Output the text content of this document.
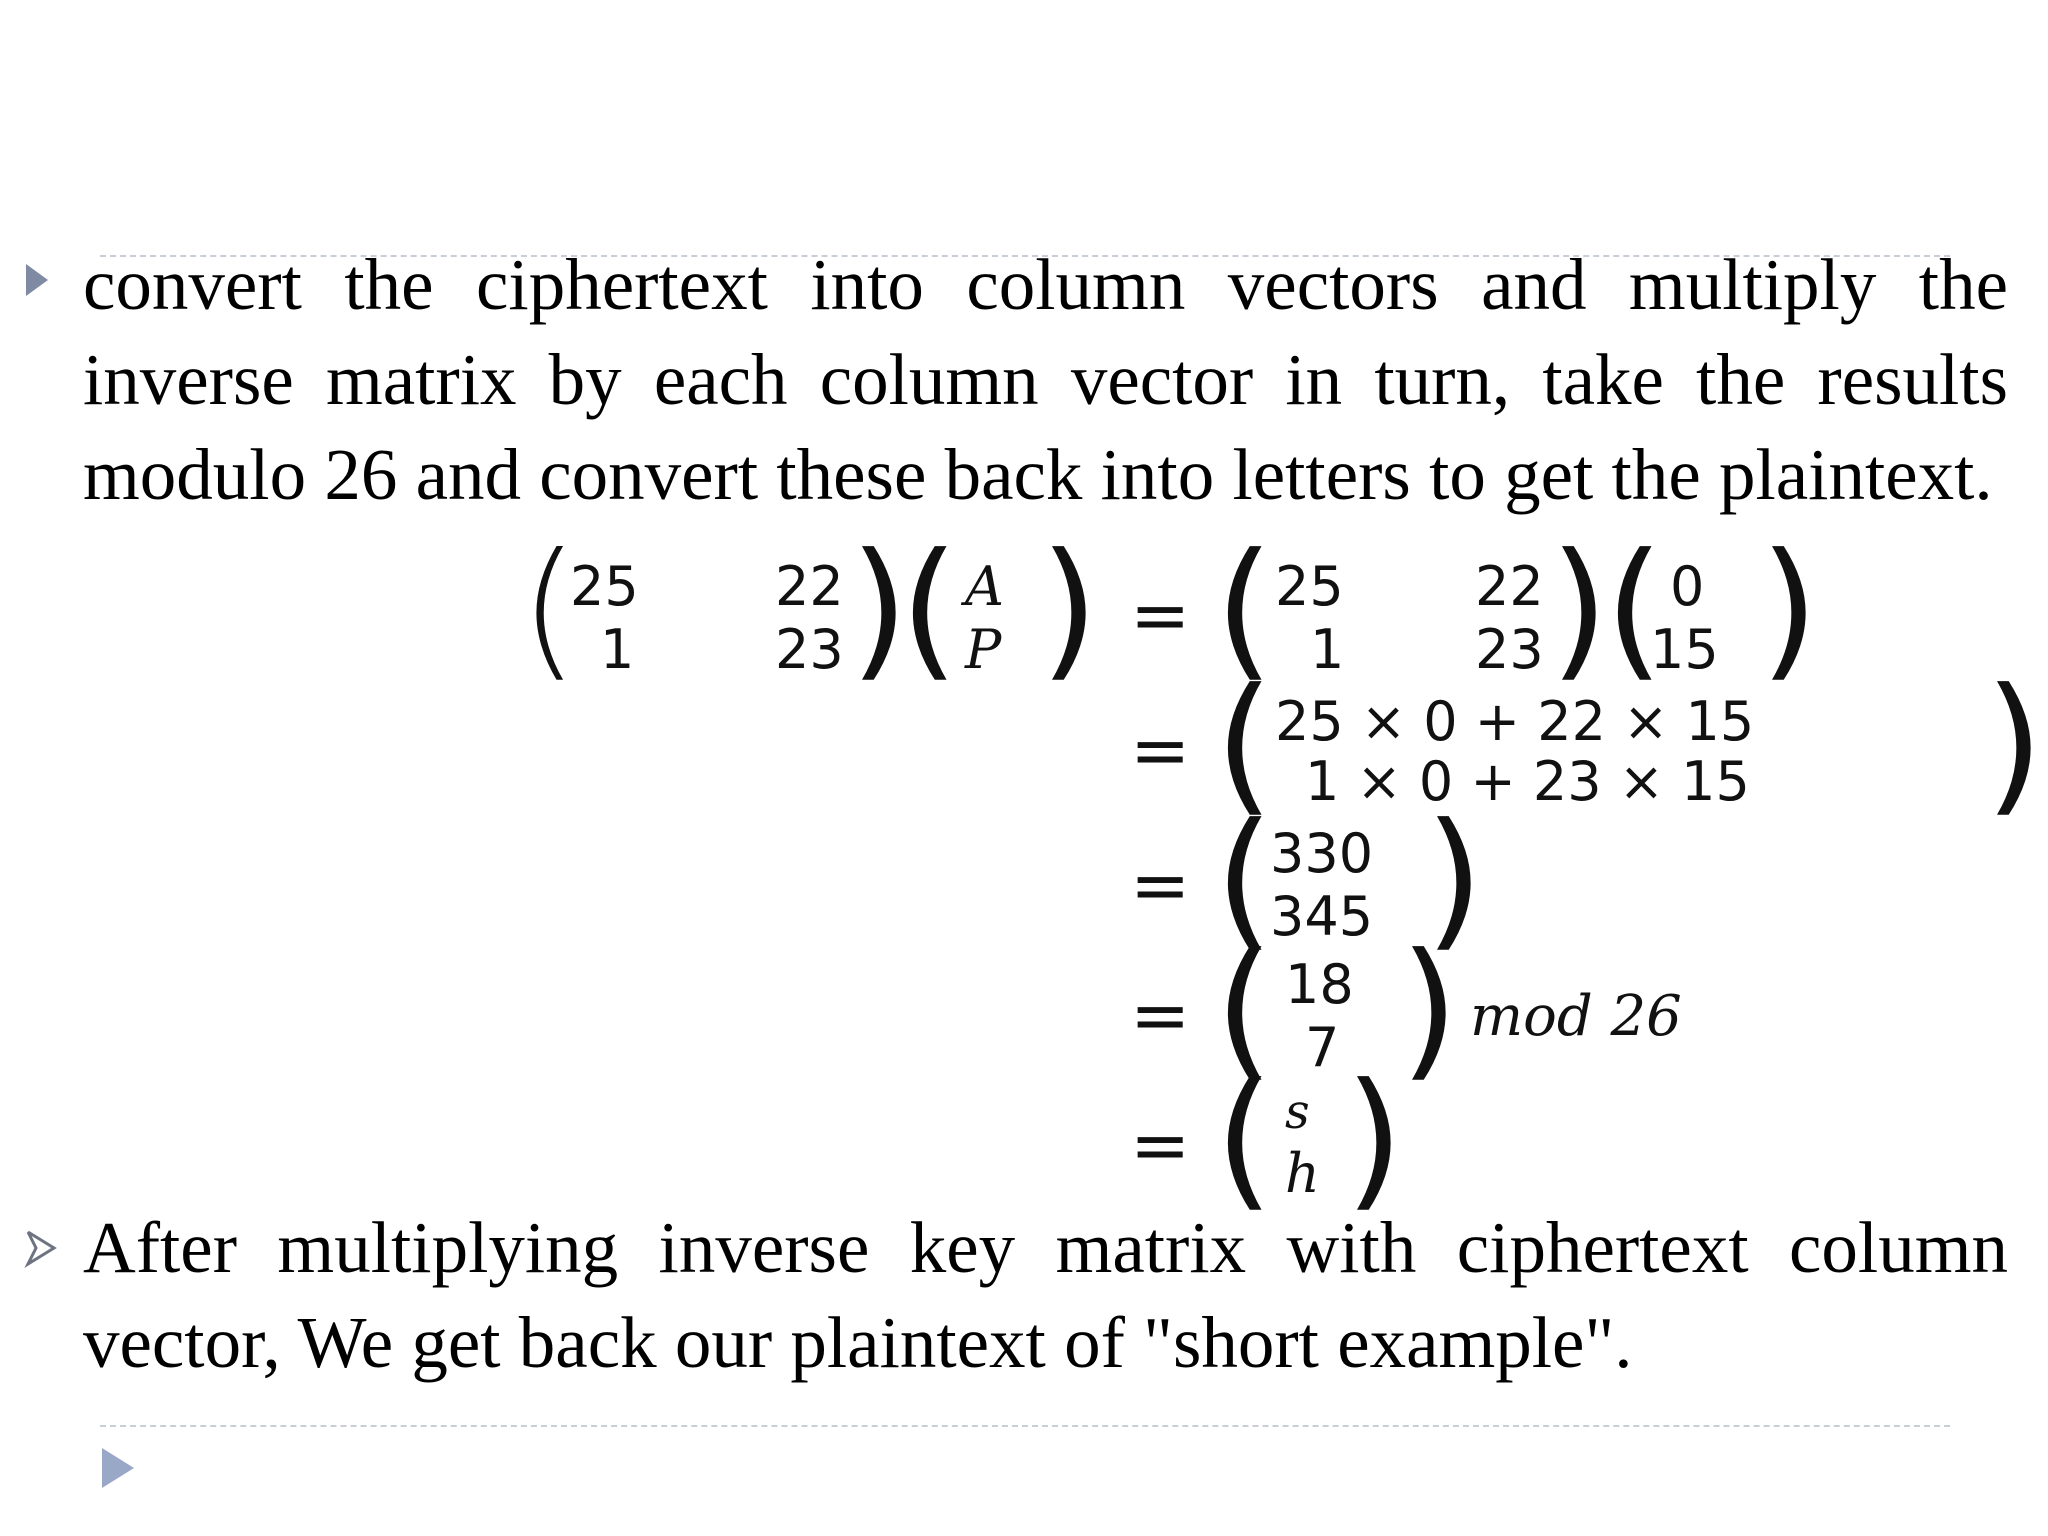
convert the ciphertext into column vectors and multiply the inverse matrix by each column vector in turn, take the results modulo 26 and convert these back into letters to get the plaintext.
After multiplying inverse key matrix with ciphertext column vector, We get back our plaintext of "short example".
(
25	22
1	23 )
( A
P ) = ( 25 22
1 23 )
( 0
15 )
= ( 25 × 0 + 22 × 15
1 × 0 + 23 × 15 )
= (
330
345 )
= ( 18
7 ) mod 26
= ( s
h )
